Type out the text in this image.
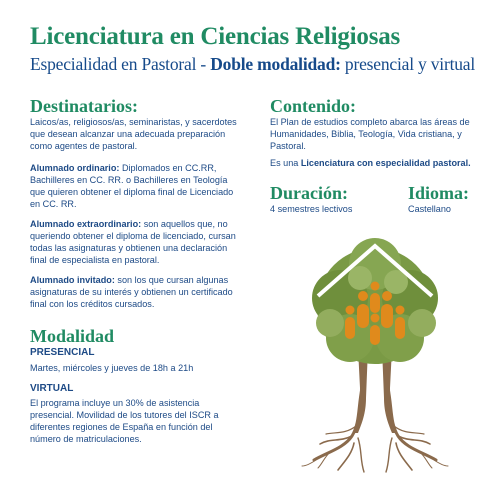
Licenciatura en Ciencias Religiosas
Especialidad en Pastoral - Doble modalidad: presencial y virtual
Destinatarios:
Laicos/as, religiosos/as, seminaristas, y sacerdotes que desean alcanzar una adecuada preparación como agentes de pastoral.
Alumnado ordinario: Diplomados en CC.RR, Bachilleres en CC. RR. o Bachilleres en Teología que quieren obtener el diploma final de Licenciado en CC. RR.
Alumnado extraordinario: son aquellos que, no queriendo obtener el diploma de licenciado, cursan todas las asignaturas y obtienen una declaración final de especialista en pastoral.
Alumnado invitado: son los que cursan algunas asignaturas de su interés y obtienen un certificado final con los créditos cursados.
Modalidad
PRESENCIAL
Martes, miércoles y jueves de 18h a 21h
VIRTUAL
El programa incluye un 30% de asistencia presencial. Movilidad de los tutores del ISCR a diferentes regiones de España en función del número de matriculaciones.
Contenido:
El Plan de estudios completo abarca las áreas de Humanidades, Biblia, Teología, Vida cristiana, y Pastoral.
Es una Licenciatura con especialidad pastoral.
Duración:
4 semestres lectivos
Idioma:
Castellano
